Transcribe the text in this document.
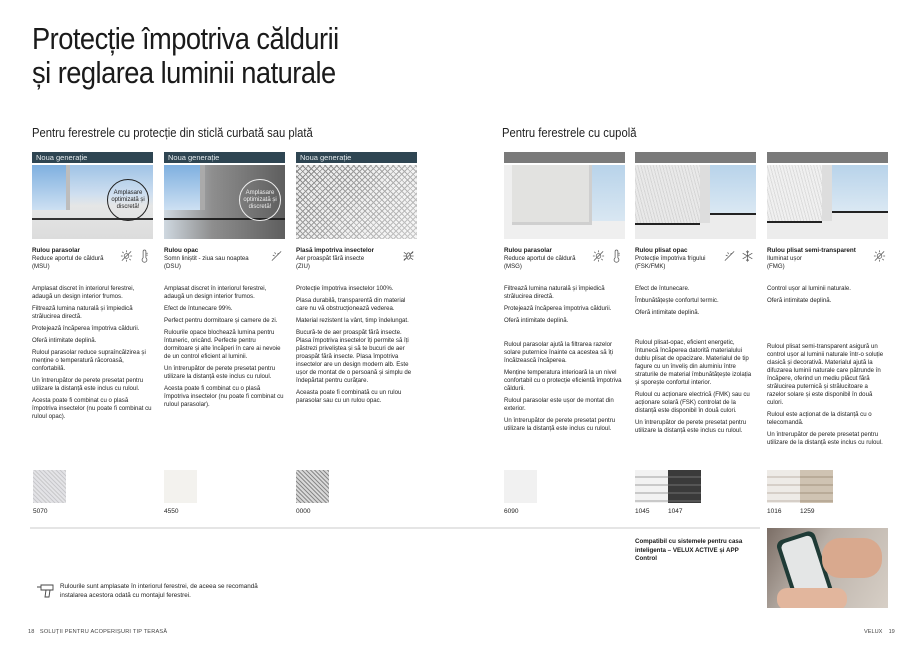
Protecție împotriva căldurii
și reglarea luminii naturale
Pentru ferestrele cu protecție din sticlă curbată sau plată	Pentru ferestrele cu cupolă
Noua generație
Amplasare optimizată și discretă!
Rulou parasolar
Reduce aportul de căldură
(MSU)

Amplasat discret în interiorul ferestrei, adaugă un design interior frumos.

Filtrează lumina naturală și împiedică strălucirea directă.

Protejează încăperea împotriva căldurii.

Oferă intimitate deplină.

Ruloul parasolar reduce supraîncălzirea și menține o temperatură răcoroasă, confortabilă.

Un întrerupător de perete presetat pentru utilizare la distanță este inclus cu ruloul.

Acesta poate fi combinat cu o plasă împotriva insectelor (nu poate fi combinat cu ruloul opac).

Noua generație
Amplasare optimizată și discretă!
Rulou opac
Somn liniștit - ziua sau noaptea
(DSU)

Amplasat discret în interiorul ferestrei, adaugă un design interior frumos.

Efect de întunecare 99%.

Perfect pentru dormitoare și camere de zi.

Rulourile opace blochează lumina pentru întuneric, oricând. Perfecte pentru dormitoare și alte încăperi în care ai nevoie de un control eficient al luminii.

Un întrerupător de perete presetat pentru utilizare la distanță este inclus cu ruloul.

Acesta poate fi combinat cu o plasă împotriva insectelor (nu poate fi combinat cu ruloul parasolar).

Noua generație
Plasă împotriva insectelor
Aer proaspăt fără insecte
(ZIU)

Protecție împotriva insectelor 100%.

Plasa durabilă, transparentă din material care nu vă obstrucționează vederea.

Material rezistent la vânt, timp îndelungat.

Bucură-te de aer proaspăt fără insecte. Plasa împotriva insectelor îți permite să îți păstrezi priveliștea și să te bucuri de aer proaspăt fără insecte. Plasa împotriva insectelor are un design modern alb. Este ușor de montat de o persoană și simplu de îndepărtat pentru curățare.

Aceasta poate fi combinată cu un rulou parasolar sau cu un rulou opac.

Rulou parasolar
Reduce aportul de căldură
(MSG)

Filtrează lumina naturală și împiedică strălucirea directă.

Protejează încăperea împotriva căldurii.

Oferă intimitate deplină.

Ruloul parasolar ajută la filtrarea razelor solare puternice înainte ca acestea să îți încălzească încăperea.

Menține temperatura interioară la un nivel confortabil cu o protecție eficientă împotriva căldurii.

Ruloul parasolar este ușor de montat din exterior.

Un întrerupător de perete presetat pentru utilizare la distanță este inclus cu ruloul.

Rulou plisat opac
Protecție împotriva frigului
(FSK/FMK)

Efect de întunecare.

Îmbunătățește confortul termic.

Oferă intimitate deplină.

Ruloul plisat-opac, eficient energetic, întunecă încăperea datorită materialului dublu plisat de opacizare. Materialul de tip fagure cu un înveliș din aluminiu între straturile de material îmbunătățește izolația și sporește confortul interior.

Ruloul cu acționare electrică (FMK) sau cu acționare solară (FSK) controlat de la distanță este disponibil în două culori.

Un întrerupător de perete presetat pentru utilizare la distanță este inclus cu ruloul.

Rulou plisat semi-transparent
Iluminat ușor
(FMG)

Control ușor al luminii naturale.

Oferă intimitate deplină.

Ruloul plisat semi-transparent asigură un control ușor al luminii naturale într-o soluție clasică și decorativă. Materialul ajută la difuzarea luminii naturale care pătrunde în încăpere, oferind un mediu plăcut fără strălucirea puternică și strălucitoare a razelor solare și este disponibil în două culori.

Ruloul este acționat de la distanță cu o telecomandă.

Un întrerupător de perete presetat pentru utilizare de la distanță este inclus cu ruloul.

5070	4550	0000	6090	1045	1047	1016	1259
Compatibil cu sistemele pentru casa inteligenta – VELUX ACTIVE și APP Control
Rulourile sunt amplasate în interiorul ferestrei, de aceea se recomandă
instalarea acestora odată cu montajul ferestrei.
18 SOLUȚII PENTRU ACOPERIȘURI TIP TERASĂ	VELUX 19
